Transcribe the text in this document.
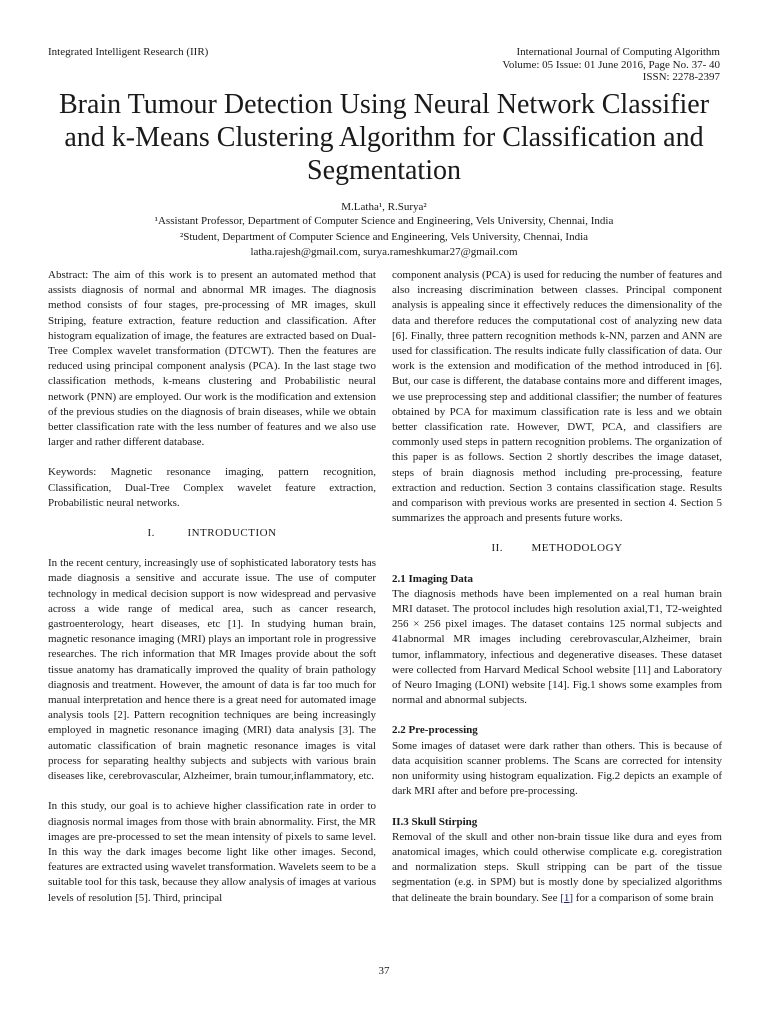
Integrated Intelligent Research (IIR)	International Journal of Computing Algorithm
Volume: 05 Issue: 01 June 2016, Page No. 37- 40
ISSN: 2278-2397
Brain Tumour Detection Using Neural Network Classifier and k-Means Clustering Algorithm for Classification and Segmentation
M.Latha¹, R.Surya²
¹Assistant Professor, Department of Computer Science and Engineering, Vels University, Chennai, India
²Student, Department of Computer Science and Engineering, Vels University, Chennai, India
latha.rajesh@gmail.com, surya.rameshkumar27@gmail.com

Abstract: The aim of this work is to present an automated method that assists diagnosis of normal and abnormal MR images. The diagnosis method consists of four stages, pre-processing of MR images, skull Striping, feature extraction, feature reduction and classification. After histogram equalization of image, the features are extracted based on Dual-Tree Complex wavelet transformation (DTCWT). Then the features are reduced using principal component analysis (PCA). In the last stage two classification methods, k-means clustering and Probabilistic neural network (PNN) are employed. Our work is the modification and extension of the previous studies on the diagnosis of brain diseases, while we obtain better classification rate with the less number of features and we also use larger and rather different database.

Keywords: Magnetic resonance imaging, pattern recognition, Classification, Dual-Tree Complex wavelet feature extraction, Probabilistic neural networks.

I.	INTRODUCTION

In the recent century, increasingly use of sophisticated laboratory tests has made diagnosis a sensitive and accurate issue. The use of computer technology in medical decision support is now widespread and pervasive across a wide range of medical area, such as cancer research, gastroenterology, heart diseases, etc [1]. In studying human brain, magnetic resonance imaging (MRI) plays an important role in progressive researches. The rich information that MR Images provide about the soft tissue anatomy has dramatically improved the quality of brain pathology diagnosis and treatment. However, the amount of data is far too much for manual interpretation and hence there is a great need for automated image analysis tools [2]. Pattern recognition techniques are being increasingly employed in magnetic resonance imaging (MRI) data analysis [3]. The automatic classification of brain magnetic resonance images is vital process for separating healthy subjects and subjects with various brain diseases like, cerebrovascular, Alzheimer, brain tumour,inflammatory, etc.

In this study, our goal is to achieve higher classification rate in order to diagnosis normal images from those with brain abnormality. First, the MR images are pre-processed to set the mean intensity of pixels to same level. In this way the dark images become light like other images. Second, features are extracted using wavelet transformation. Wavelets seem to be a suitable tool for this task, because they allow analysis of images at various levels of resolution [5]. Third, principal

component analysis (PCA) is used for reducing the number of features and also increasing discrimination between classes. Principal component analysis is appealing since it effectively reduces the dimensionality of the data and therefore reduces the computational cost of analyzing new data [6]. Finally, three pattern recognition methods k-NN, parzen and ANN are used for classification. The results indicate fully classification of data. Our work is the extension and modification of the method introduced in [6]. But, our case is different, the database contains more and different images, we use preprocessing step and additional classifier; the number of features obtained by PCA for maximum classification rate is less and we obtain better classification rate. However, DWT, PCA, and classifiers are commonly used steps in pattern recognition problems. The organization of this paper is as follows. Section 2 shortly describes the image dataset, steps of brain diagnosis method including pre-processing, feature extraction and reduction. Section 3 contains classification stage. Results and comparison with previous works are presented in section 4. Section 5 summarizes the approach and presents future works.

II.	METHODOLOGY

2.1 Imaging Data

The diagnosis methods have been implemented on a real human brain MRI dataset. The protocol includes high resolution axial,T1, T2-weighted 256 × 256 pixel images. The dataset contains 125 normal subjects and 41abnormal MR images including cerebrovascular,Alzheimer, brain tumor, inflammatory, infectious and degenerative diseases. These dataset were collected from Harvard Medical School website [11] and Laboratory of Neuro Imaging (LONI) website [14]. Fig.1 shows some examples from normal and abnormal subjects.

2.2 Pre-processing

Some images of dataset were dark rather than others. This is because of data acquisition scanner problems. The Scans are corrected for intensity non uniformity using histogram equalization. Fig.2 depicts an example of dark MRI after and before pre-processing.

II.3 Skull Stirping

Removal of the skull and other non-brain tissue like dura and eyes from anatomical images, which could otherwise complicate e.g. coregistration and normalization steps. Skull stripping can be part of the tissue segmentation (e.g. in SPM) but is mostly done by specialized algorithms that delineate the brain boundary. See [1] for a comparison of some brain

37
